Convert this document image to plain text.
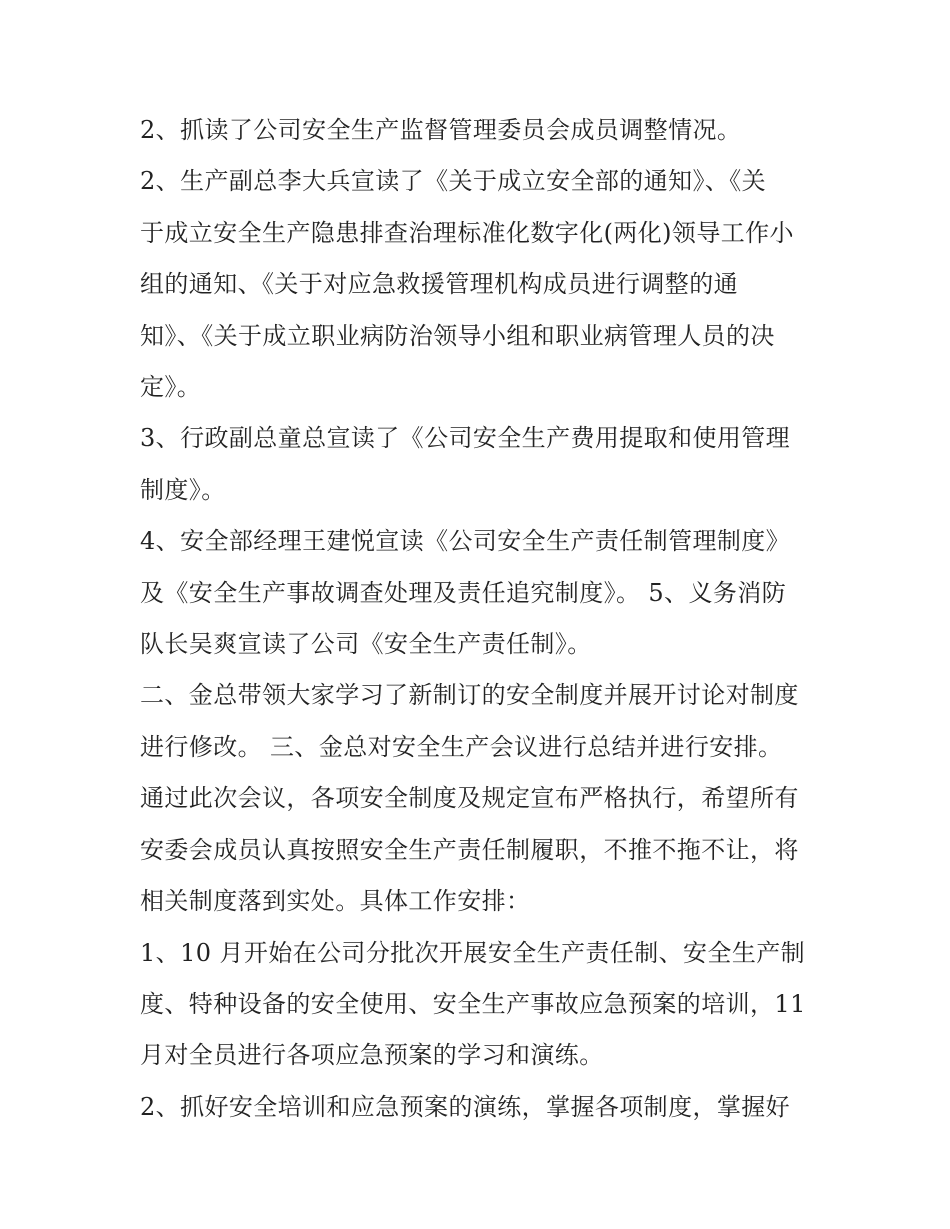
2、抓读了公司安全生产监督管理委员会成员调整情况。

2、生产副总李大兵宣读了《关于成立安全部的通知》、《关
于成立安全生产隐患排查治理标准化数字化(两化)领导工作小
组的通知、《关于对应急救援管理机构成员进行调整的通
知》、《关于成立职业病防治领导小组和职业病管理人员的决
定》。

3、行政副总童总宣读了《公司安全生产费用提取和使用管理
制度》。

4、安全部经理王建悦宣读《公司安全生产责任制管理制度》
及《安全生产事故调查处理及责任追究制度》。 5、义务消防
队长吴爽宣读了公司《安全生产责任制》。

二、金总带领大家学习了新制订的安全制度并展开讨论对制度
进行修改。 三、金总对安全生产会议进行总结并进行安排。
通过此次会议，各项安全制度及规定宣布严格执行，希望所有
安委会成员认真按照安全生产责任制履职，不推不拖不让，将
相关制度落到实处。具体工作安排：

1、10 月开始在公司分批次开展安全生产责任制、安全生产制
度、特种设备的安全使用、安全生产事故应急预案的培训，11
月对全员进行各项应急预案的学习和演练。

2、抓好安全培训和应急预案的演练，掌握各项制度，掌握好
